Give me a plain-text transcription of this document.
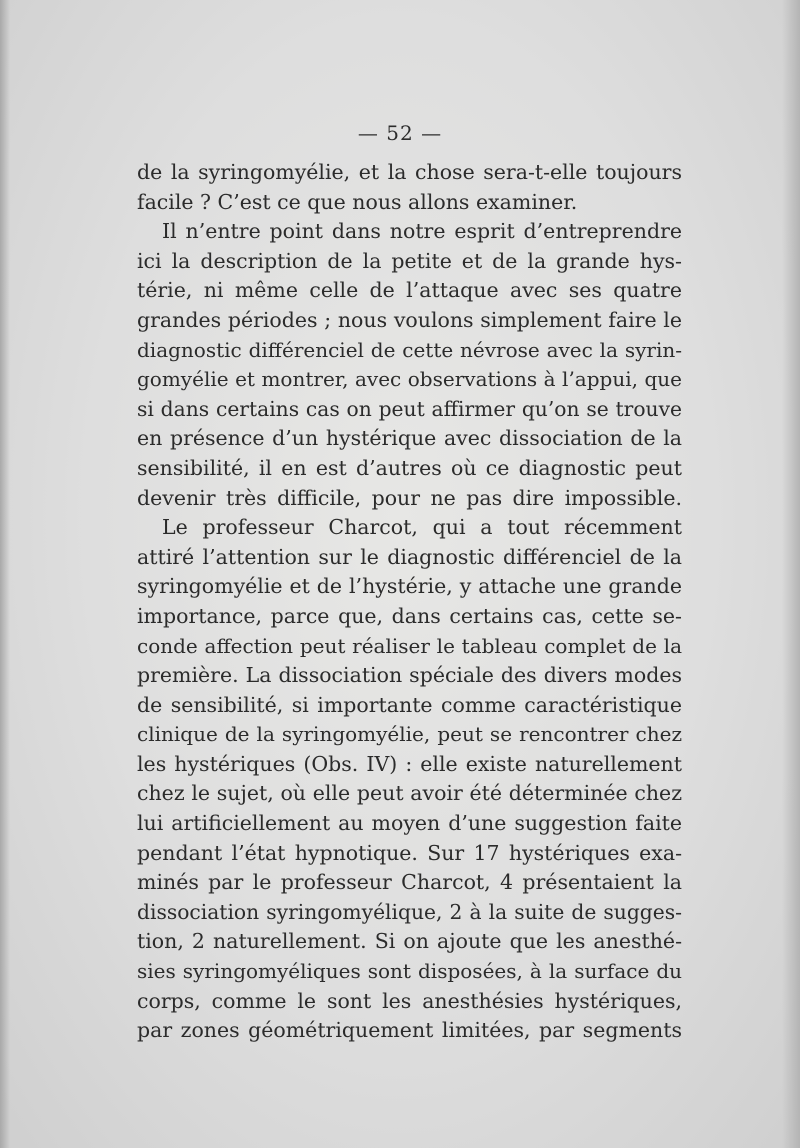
— 52 —
de la syringomyélie, et la chose sera-t-elle toujours
facile ? C’est ce que nous allons examiner.
Il n’entre point dans notre esprit d’entreprendre
ici la description de la petite et de la grande hys-
térie, ni même celle de l’attaque avec ses quatre
grandes périodes ; nous voulons simplement faire le
diagnostic différenciel de cette névrose avec la syrin-
gomyélie et montrer, avec observations à l’appui, que
si dans certains cas on peut affirmer qu’on se trouve
en présence d’un hystérique avec dissociation de la
sensibilité, il en est d’autres où ce diagnostic peut
devenir très difficile, pour ne pas dire impossible.
Le professeur Charcot, qui a tout récemment
attiré l’attention sur le diagnostic différenciel de la
syringomyélie et de l’hystérie, y attache une grande
importance, parce que, dans certains cas, cette se-
conde affection peut réaliser le tableau complet de la
première. La dissociation spéciale des divers modes
de sensibilité, si importante comme caractéristique
clinique de la syringomyélie, peut se rencontrer chez
les hystériques (Obs. IV) : elle existe naturellement
chez le sujet, où elle peut avoir été déterminée chez
lui artificiellement au moyen d’une suggestion faite
pendant l’état hypnotique. Sur 17 hystériques exa-
minés par le professeur Charcot, 4 présentaient la
dissociation syringomyélique, 2 à la suite de sugges-
tion, 2 naturellement. Si on ajoute que les anesthé-
sies syringomyéliques sont disposées, à la surface du
corps, comme le sont les anesthésies hystériques,
par zones géométriquement limitées, par segments
